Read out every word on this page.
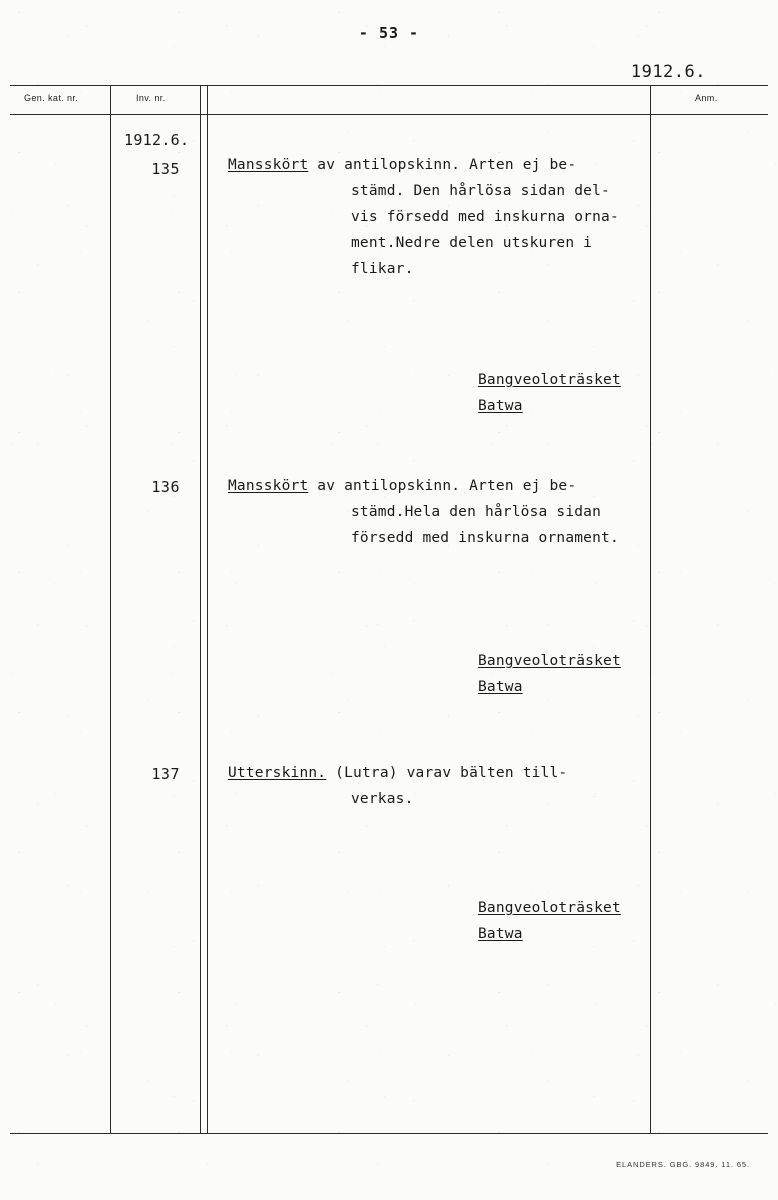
- 53 -
1912.6.
Gen. kat. nr.	Inv. nr.	Anm.
1912.6.
135	Mansskört av antilopskinn. Arten ej be-
stämd. Den hårlösa sidan del-
vis försedd med inskurna orna-
ment.Nedre delen utskuren i
flikar.
Bangveoloträsket
Batwa
136	Mansskört av antilopskinn. Arten ej be-
stämd.Hela den hårlösa sidan
försedd med inskurna ornament.
Bangveoloträsket
Batwa
137	Utterskinn. (Lutra) varav bälten till-
verkas.
Bangveoloträsket
Batwa
ELANDERS. GBG. 9849. 11. 65.
